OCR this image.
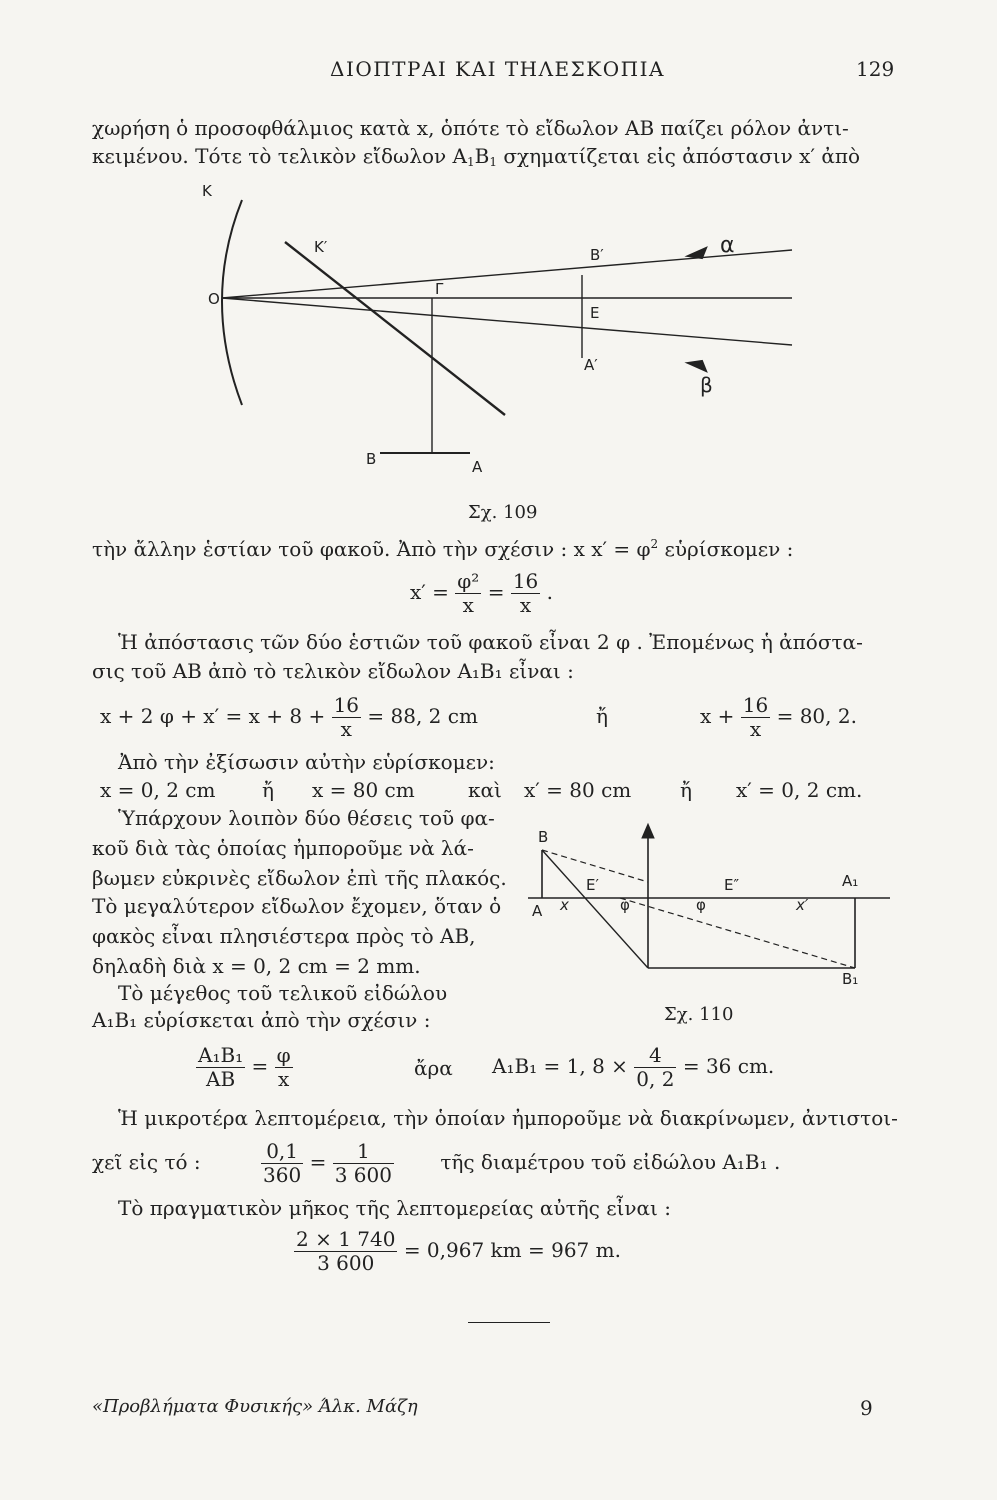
ΔΙΟΠΤΡΑΙ ΚΑΙ ΤΗΛΕΣΚΟΠΙΑ	129
χωρήση ὁ προσοφθάλμιος κατὰ x, ὁπότε τὸ εἴδωλον ΑΒ παίζει ρόλον ἀντι-
κειμένου. Τότε τὸ τελικὸν εἴδωλον $A_1B_1$ σχηματίζεται εἰς ἀπόστασιν x′ ἀπὸ
K
K′
O
Γ
B′
E
A′
α
β
B	A
Σχ. 109
τὴν ἄλλην ἑστίαν τοῦ φακοῦ. Ἀπὸ τὴν σχέσιν : x $x' = \varphi^2$ εὑρίσκομεν :
$x' = \frac{\text{φ²}}{x} = \frac{16}{x}$ .
Ἡ ἀπόστασις τῶν δύο ἑστιῶν τοῦ φακοῦ εἶναι 2 φ . Ἐπομένως ἡ ἀπόστα-
σις τοῦ ΑΒ ἀπὸ τὸ τελικὸν εἴδωλον A₁B₁ εἶναι :
x + 2 $\varphi + x' = x + 8 + \frac{16}{x} = 88$, 2 cm	ἤ	$x + \frac{16}{x} = 80$, 2.
Ἀπὸ τὴν ἐξίσωσιν αὐτὴν εὑρίσκομεν:
x = 0, 2 cm ἤ x = 80 cm	καὶ x′ = 80 cm ἤ x′ = 0, 2 cm.
Ὑπάρχουν λοιπὸν δύο θέσεις τοῦ φα-
κοῦ διὰ τὰς ὁποίας ἠμποροῦμε νὰ λά-
βωμεν εὐκρινὲς εἴδωλον ἐπὶ τῆς πλακός.
Τὸ μεγαλύτερον εἴδωλον ἔχομεν, ὅταν ὁ
φακὸς εἶναι πλησιέστερα πρὸς τὸ ΑΒ,
δηλαδὴ διὰ x = 0, 2 cm = 2 mm.
Τὸ μέγεθος τοῦ τελικοῦ εἰδώλου
A₁B₁ εὑρίσκεται ἀπὸ τὴν σχέσιν :
B
A x
E′
φ	φ
E″
x′
A₁
B₁
Σχ. 110
$\frac{\text{A₁B₁}}{AB} = \frac{\varphi}{x}$	ἄρα A₁B₁ = 1, $8 \times \frac{4}{0, 2} = 36$ cm.
Ἡ μικροτέρα λεπτομέρεια, τὴν ὁποίαν ἠμποροῦμε νὰ διακρίνωμεν, ἀντιστοι-
χεῖ εἰς τό :	$\frac{0,1}{360} = \frac{1}{3 600}$ τῆς διαμέτρου τοῦ εἰδώλου A₁B₁ .
Τὸ πραγματικὸν μῆκος τῆς λεπτομερείας αὐτῆς εἶναι :
$\frac{2 \times 1 740}{3 600} = 0,967$ km = 967 m.
«Προβλήματα Φυσικής» Άλκ. Μάζη	9
